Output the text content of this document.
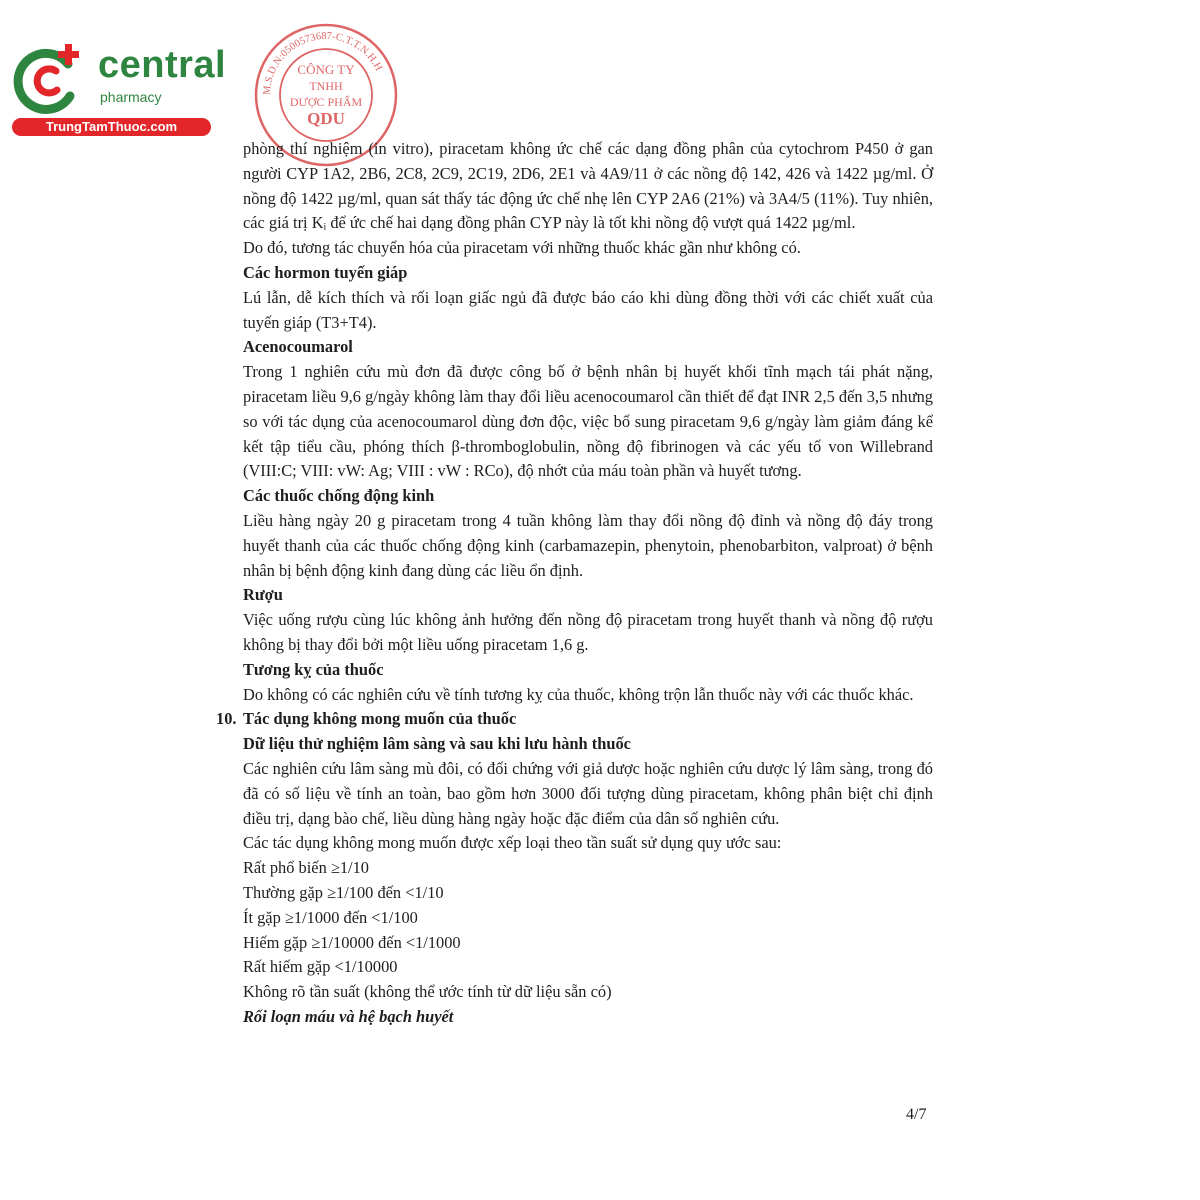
central
pharmacy
TrungTamThuoc.com
M.S.D.N:0500573687-C.T.T.N.H.H
CÔNG TY
TNHH
DƯỢC PHẨM
QDU

phòng thí nghiệm (in vitro), piracetam không ức chế các dạng đồng phân của cytochrom P450 ở gan người CYP 1A2, 2B6, 2C8, 2C9, 2C19, 2D6, 2E1 và 4A9/11 ở các nồng độ 142, 426 và 1422 µg/ml. Ở nồng độ 1422 µg/ml, quan sát thấy tác động ức chế nhẹ lên CYP 2A6 (21%) và 3A4/5 (11%). Tuy nhiên, các giá trị Kᵢ để ức chế hai dạng đồng phân CYP này là tốt khi nồng độ vượt quá 1422 µg/ml.

Do đó, tương tác chuyển hóa của piracetam với những thuốc khác gần như không có.

Các hormon tuyến giáp

Lú lẫn, dễ kích thích và rối loạn giấc ngủ đã được báo cáo khi dùng đồng thời với các chiết xuất của tuyến giáp (T3+T4).

Acenocoumarol

Trong 1 nghiên cứu mù đơn đã được công bố ở bệnh nhân bị huyết khối tĩnh mạch tái phát nặng, piracetam liều 9,6 g/ngày không làm thay đổi liều acenocoumarol cần thiết để đạt INR 2,5 đến 3,5 nhưng so với tác dụng của acenocoumarol dùng đơn độc, việc bổ sung piracetam 9,6 g/ngày làm giảm đáng kể kết tập tiểu cầu, phóng thích β-thromboglobulin, nồng độ fibrinogen và các yếu tố von Willebrand (VIII:C; VIII: vW: Ag; VIII : vW : RCo), độ nhớt của máu toàn phần và huyết tương.

Các thuốc chống động kinh

Liều hàng ngày 20 g piracetam trong 4 tuần không làm thay đổi nồng độ đỉnh và nồng độ đáy trong huyết thanh của các thuốc chống động kinh (carbamazepin, phenytoin, phenobarbiton, valproat) ở bệnh nhân bị bệnh động kinh đang dùng các liều ổn định.

Rượu

Việc uống rượu cùng lúc không ảnh hưởng đến nồng độ piracetam trong huyết thanh và nồng độ rượu không bị thay đổi bởi một liều uống piracetam 1,6 g.

Tương kỵ của thuốc

Do không có các nghiên cứu về tính tương kỵ của thuốc, không trộn lẫn thuốc này với các thuốc khác.

10. Tác dụng không mong muốn của thuốc

Dữ liệu thử nghiệm lâm sàng và sau khi lưu hành thuốc

Các nghiên cứu lâm sàng mù đôi, có đối chứng với giả dược hoặc nghiên cứu dược lý lâm sàng, trong đó đã có số liệu về tính an toàn, bao gồm hơn 3000 đối tượng dùng piracetam, không phân biệt chỉ định điều trị, dạng bào chế, liều dùng hàng ngày hoặc đặc điểm của dân số nghiên cứu.

Các tác dụng không mong muốn được xếp loại theo tần suất sử dụng quy ước sau:

Rất phổ biến ≥1/10

Thường gặp ≥1/100 đến <1/10

Ít gặp ≥1/1000 đến <1/100

Hiếm gặp ≥1/10000 đến <1/1000

Rất hiếm gặp <1/10000

Không rõ tần suất (không thể ước tính từ dữ liệu sẵn có)

Rối loạn máu và hệ bạch huyết

4/7
